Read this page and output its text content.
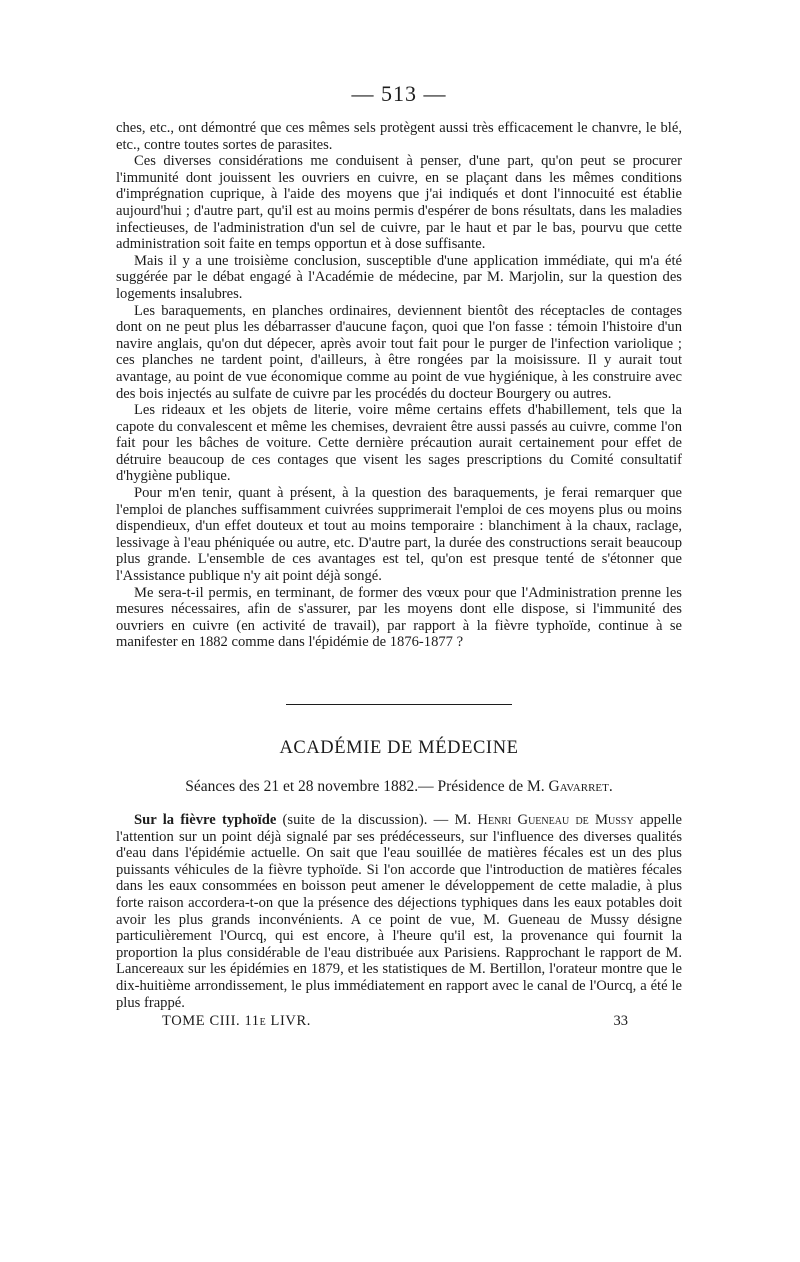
— 513 —

ches, etc., ont démontré que ces mêmes sels protègent aussi très efficacement le chanvre, le blé, etc., contre toutes sortes de parasites.

Ces diverses considérations me conduisent à penser, d'une part, qu'on peut se procurer l'immunité dont jouissent les ouvriers en cuivre, en se plaçant dans les mêmes conditions d'imprégnation cuprique, à l'aide des moyens que j'ai indiqués et dont l'innocuité est établie aujourd'hui ; d'autre part, qu'il est au moins permis d'espérer de bons résultats, dans les maladies infectieuses, de l'administration d'un sel de cuivre, par le haut et par le bas, pourvu que cette administration soit faite en temps opportun et à dose suffisante.

Mais il y a une troisième conclusion, susceptible d'une application immédiate, qui m'a été suggérée par le débat engagé à l'Académie de médecine, par M. Marjolin, sur la question des logements insalubres.

Les baraquements, en planches ordinaires, deviennent bientôt des réceptacles de contages dont on ne peut plus les débarrasser d'aucune façon, quoi que l'on fasse : témoin l'histoire d'un navire anglais, qu'on dut dépecer, après avoir tout fait pour le purger de l'infection variolique ; ces planches ne tardent point, d'ailleurs, à être rongées par la moisissure. Il y aurait tout avantage, au point de vue économique comme au point de vue hygiénique, à les construire avec des bois injectés au sulfate de cuivre par les procédés du docteur Bourgery ou autres.

Les rideaux et les objets de literie, voire même certains effets d'habillement, tels que la capote du convalescent et même les chemises, devraient être aussi passés au cuivre, comme l'on fait pour les bâches de voiture. Cette dernière précaution aurait certainement pour effet de détruire beaucoup de ces contages que visent les sages prescriptions du Comité consultatif d'hygiène publique.

Pour m'en tenir, quant à présent, à la question des baraquements, je ferai remarquer que l'emploi de planches suffisamment cuivrées supprimerait l'emploi de ces moyens plus ou moins dispendieux, d'un effet douteux et tout au moins temporaire : blanchiment à la chaux, raclage, lessivage à l'eau phéniquée ou autre, etc. D'autre part, la durée des constructions serait beaucoup plus grande. L'ensemble de ces avantages est tel, qu'on est presque tenté de s'étonner que l'Assistance publique n'y ait point déjà songé.

Me sera-t-il permis, en terminant, de former des vœux pour que l'Administration prenne les mesures nécessaires, afin de s'assurer, par les moyens dont elle dispose, si l'immunité des ouvriers en cuivre (en activité de travail), par rapport à la fièvre typhoïde, continue à se manifester en 1882 comme dans l'épidémie de 1876-1877 ?

ACADÉMIE DE MÉDECINE
Séances des 21 et 28 novembre 1882.— Présidence de M. Gavarret.

Sur la fièvre typhoïde (suite de la discussion). — M. Henri Gueneau de Mussy appelle l'attention sur un point déjà signalé par ses prédécesseurs, sur l'influence des diverses qualités d'eau dans l'épidémie actuelle. On sait que l'eau souillée de matières fécales est un des plus puissants véhicules de la fièvre typhoïde. Si l'on accorde que l'introduction de matières fécales dans les eaux consommées en boisson peut amener le développement de cette maladie, à plus forte raison accordera-t-on que la présence des déjections typhiques dans les eaux potables doit avoir les plus grands inconvénients. A ce point de vue, M. Gueneau de Mussy désigne particulièrement l'Ourcq, qui est encore, à l'heure qu'il est, la provenance qui fournit la proportion la plus considérable de l'eau distribuée aux Parisiens. Rapprochant le rapport de M. Lancereaux sur les épidémies en 1879, et les statistiques de M. Bertillon, l'orateur montre que le dix-huitième arrondissement, le plus immédiatement en rapport avec le canal de l'Ourcq, a été le plus frappé.

TOME CIII. 11e LIVR.	33
